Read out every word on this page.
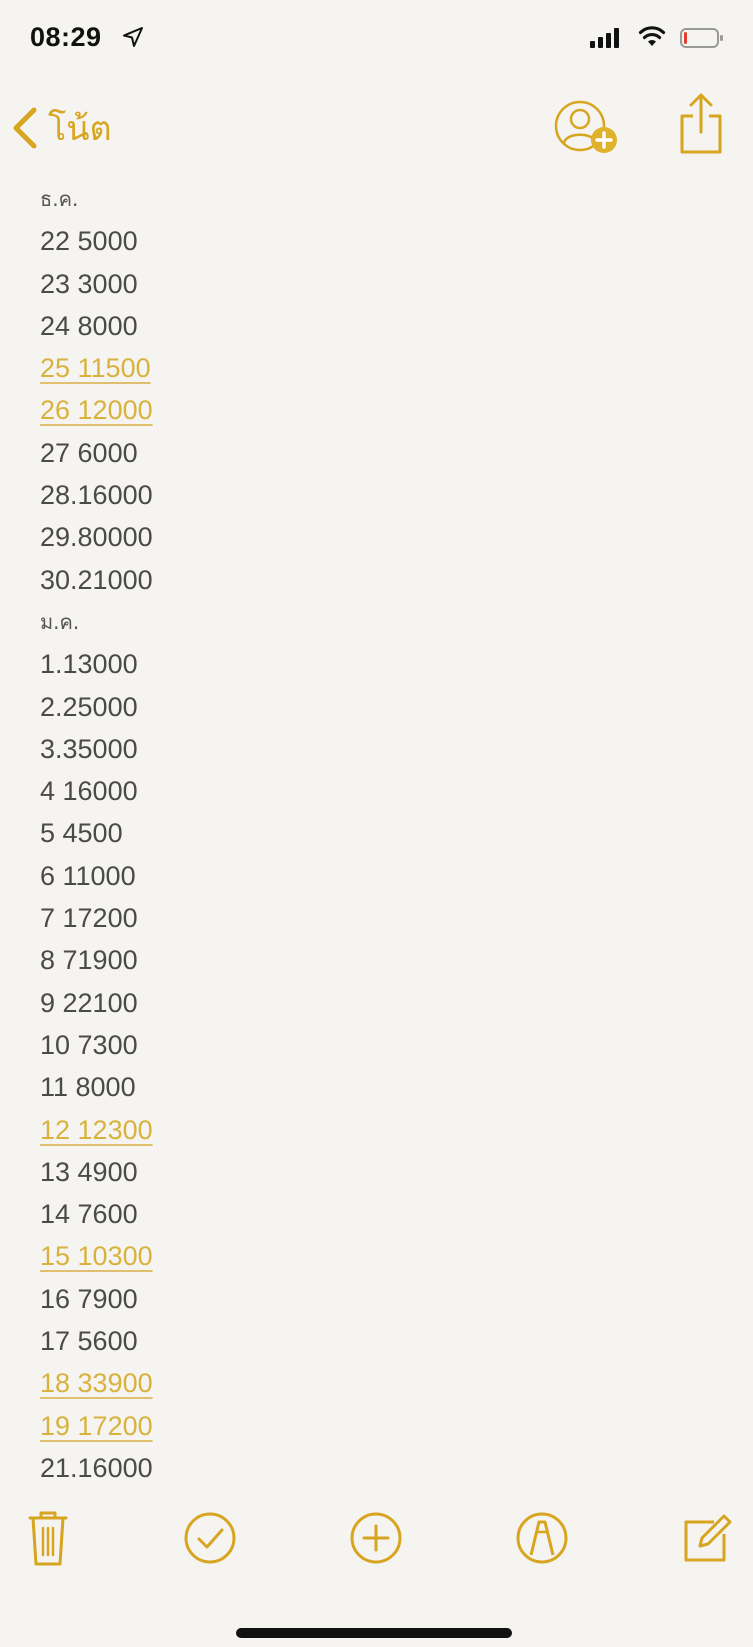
08:29
โน้ต
ธ.ค.
22 5000
23 3000
24 8000
25 11500
26 12000
27 6000
28.16000
29.80000
30.21000
ม.ค.
1.13000
2.25000
3.35000
4 16000
5 4500
6 11000
7 17200
8 71900
9 22100
10 7300
11 8000
12 12300
13 4900
14 7600
15 10300
16 7900
17 5600
18 33900
19 17200
21.16000
